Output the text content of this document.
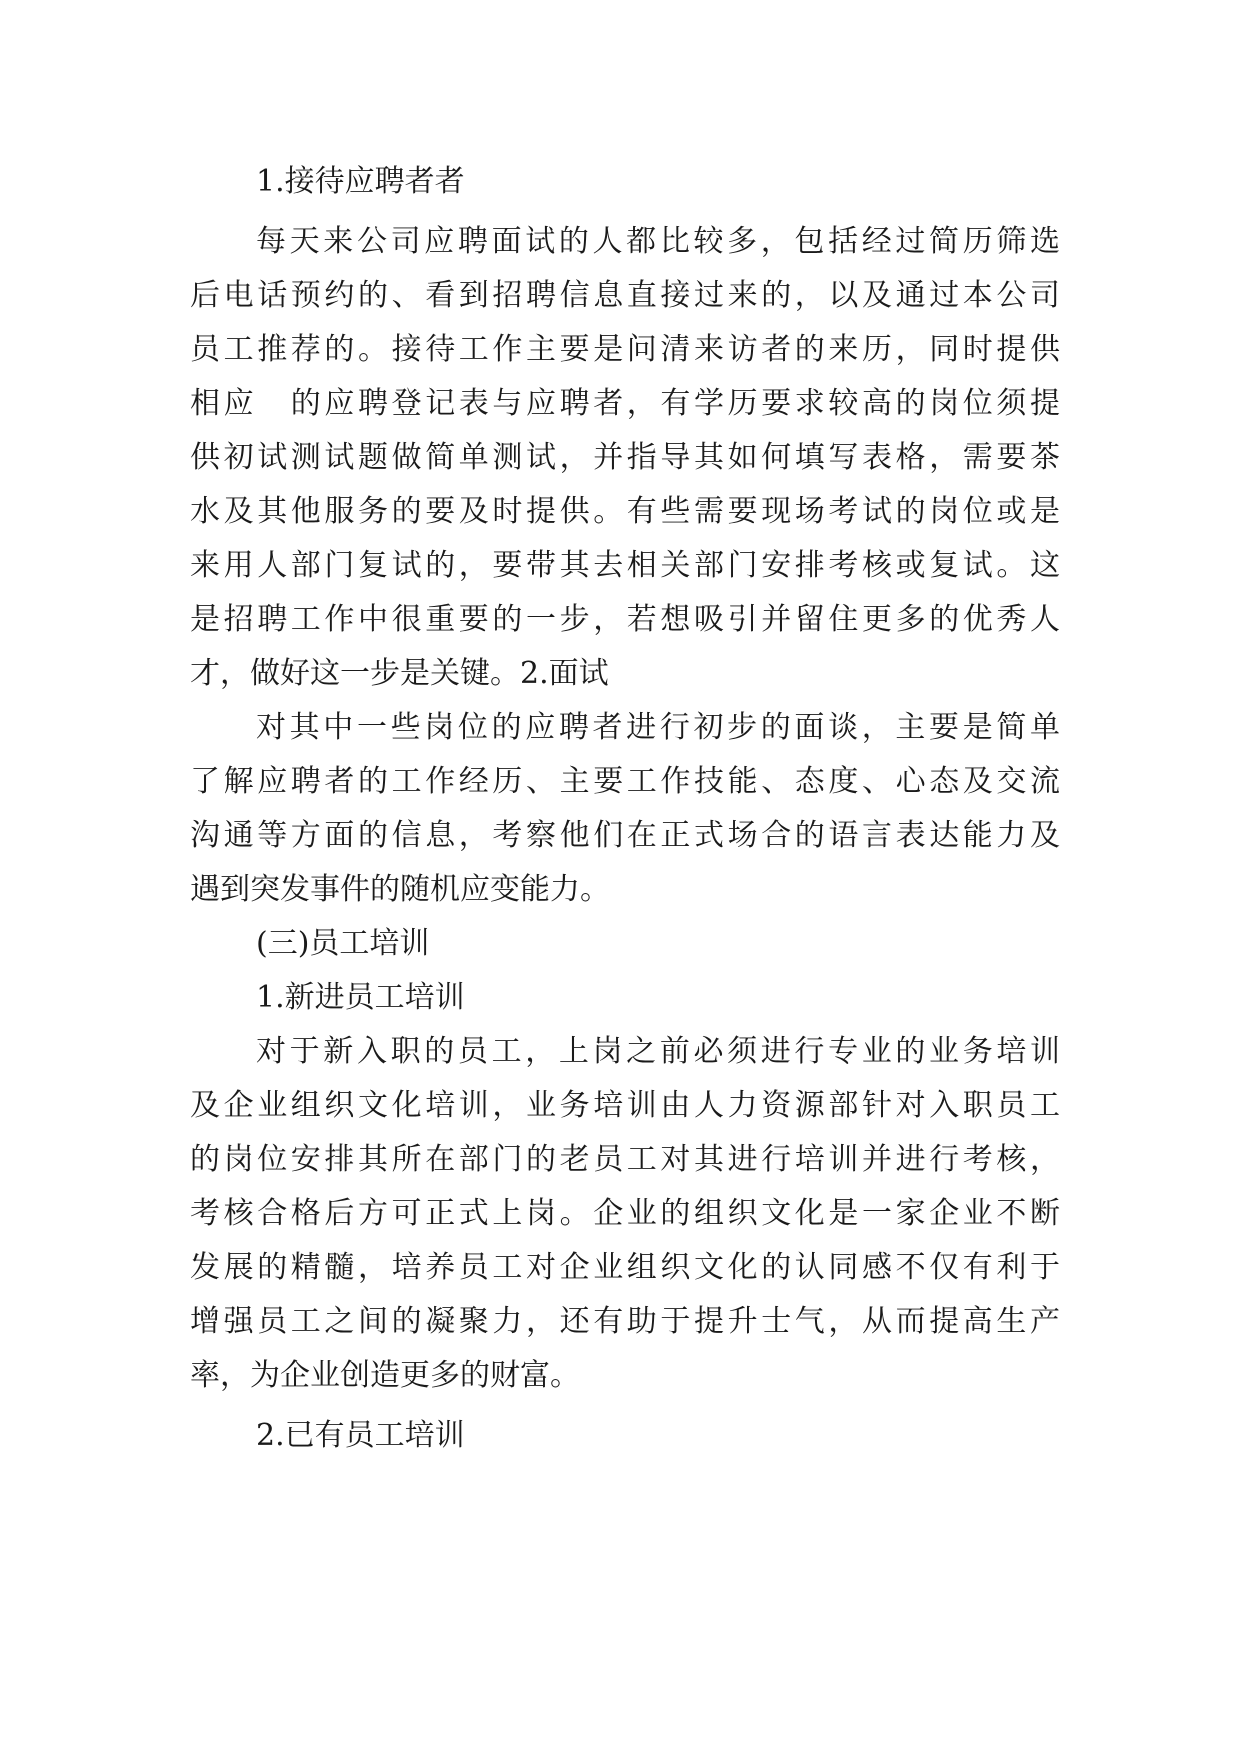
1.接待应聘者者
每天来公司应聘面试的人都比较多，包括经过简历筛选
后电话预约的、看到招聘信息直接过来的，以及通过本公司
员工推荐的。接待工作主要是问清来访者的来历，同时提供
相应　的应聘登记表与应聘者，有学历要求较高的岗位须提
供初试测试题做简单测试，并指导其如何填写表格，需要茶
水及其他服务的要及时提供。有些需要现场考试的岗位或是
来用人部门复试的，要带其去相关部门安排考核或复试。这
是招聘工作中很重要的一步，若想吸引并留住更多的优秀人
才，做好这一步是关键。2.面试
对其中一些岗位的应聘者进行初步的面谈，主要是简单
了解应聘者的工作经历、主要工作技能、态度、心态及交流
沟通等方面的信息，考察他们在正式场合的语言表达能力及
遇到突发事件的随机应变能力。
(三)员工培训
1.新进员工培训
对于新入职的员工，上岗之前必须进行专业的业务培训
及企业组织文化培训，业务培训由人力资源部针对入职员工
的岗位安排其所在部门的老员工对其进行培训并进行考核，
考核合格后方可正式上岗。企业的组织文化是一家企业不断
发展的精髓，培养员工对企业组织文化的认同感不仅有利于
增强员工之间的凝聚力，还有助于提升士气，从而提高生产
率，为企业创造更多的财富。
2.已有员工培训
